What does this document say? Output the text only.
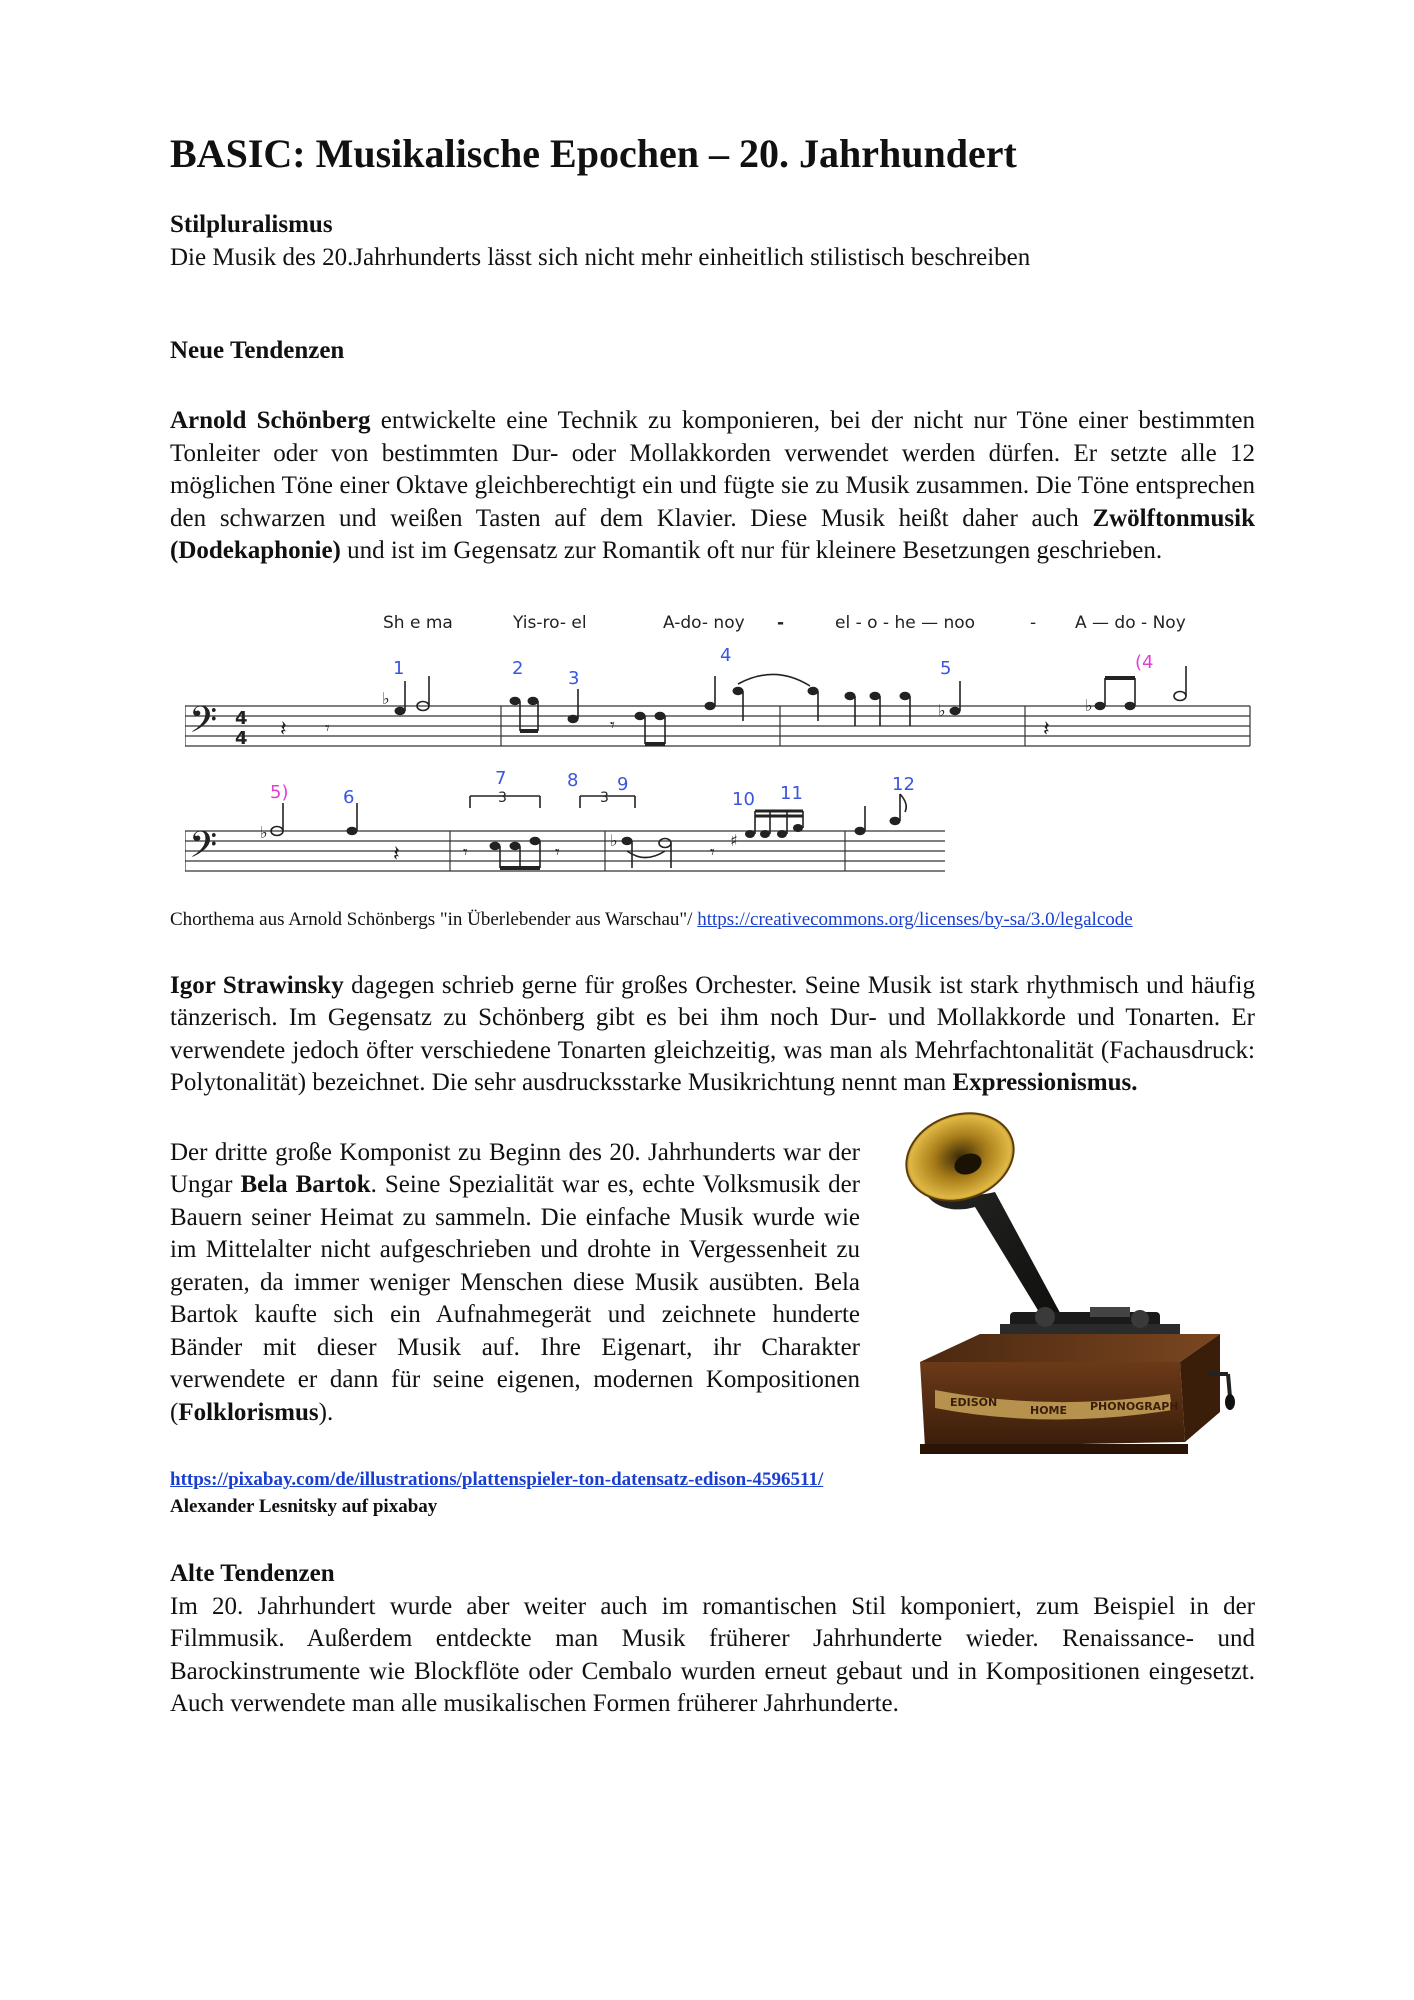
BASIC: Musikalische Epochen – 20. Jahrhundert
Stilpluralismus

Die Musik des 20.Jahrhunderts lässt sich nicht mehr einheitlich stilistisch beschreiben

Neue Tendenzen

Arnold Schönberg entwickelte eine Technik zu komponieren, bei der nicht nur Töne einer bestimmten Tonleiter oder von bestimmten Dur- oder Mollakkorden verwendet werden dürfen. Er setzte alle 12 möglichen Töne einer Oktave gleichberechtigt ein und fügte sie zu Musik zusammen. Die Töne entsprechen den schwarzen und weißen Tasten auf dem Klavier. Diese Musik heißt daher auch Zwölftonmusik (Dodekaphonie) und ist im Gegensatz zur Romantik oft nur für kleinere Besetzungen geschrieben.

Sh e ma	Yis-ro- el	A-do- noy -	el - o - he — noo	- A — do - Noy
1	2 3
4
5	(4
𝄢 4
4 𝄽 𝄾
♭
𝄾
♭
𝄽
♭
5)	6
7	8 9
10 11	12
𝄢	♭
𝄽	𝄾
3
𝄾
3
♭
𝄾
♯

Chorthema aus Arnold Schönbergs "in Überlebender aus Warschau"/ https://creativecommons.org/licenses/by-sa/3.0/legalcode

Igor Strawinsky dagegen schrieb gerne für großes Orchester. Seine Musik ist stark rhythmisch und häufig tänzerisch. Im Gegensatz zu Schönberg gibt es bei ihm noch Dur- und Mollakkorde und Tonarten. Er verwendete jedoch öfter verschiedene Tonarten gleichzeitig, was man als Mehrfachtonalität (Fachausdruck: Polytonalität) bezeichnet. Die sehr ausdrucksstarke Musikrichtung nennt man Expressionismus.

Der dritte große Komponist zu Beginn des 20. Jahrhunderts war der Ungar Bela Bartok. Seine Spezialität war es, echte Volksmusik der Bauern seiner Heimat zu sammeln. Die einfache Musik wurde wie im Mittelalter nicht aufgeschrieben und drohte in Vergessenheit zu geraten, da immer weniger Menschen diese Musik ausübten. Bela Bartok kaufte sich ein Aufnahmegerät und zeichnete hunderte Bänder mit dieser Musik auf. Ihre Eigenart, ihr Charakter verwendete er dann für seine eigenen, modernen Kompositionen (Folklorismus).

https://pixabay.com/de/illustrations/plattenspieler-ton-datensatz-edison-4596511/ Alexander Lesnitsky auf pixabay

EDISON
HOME PHONOGRAPH
Alte Tendenzen

Im 20. Jahrhundert wurde aber weiter auch im romantischen Stil komponiert, zum Beispiel in der Filmmusik. Außerdem entdeckte man Musik früherer Jahrhunderte wieder. Renaissance- und Barockinstrumente wie Blockflöte oder Cembalo wurden erneut gebaut und in Kompositionen eingesetzt. Auch verwendete man alle musikalischen Formen früherer Jahrhunderte.
